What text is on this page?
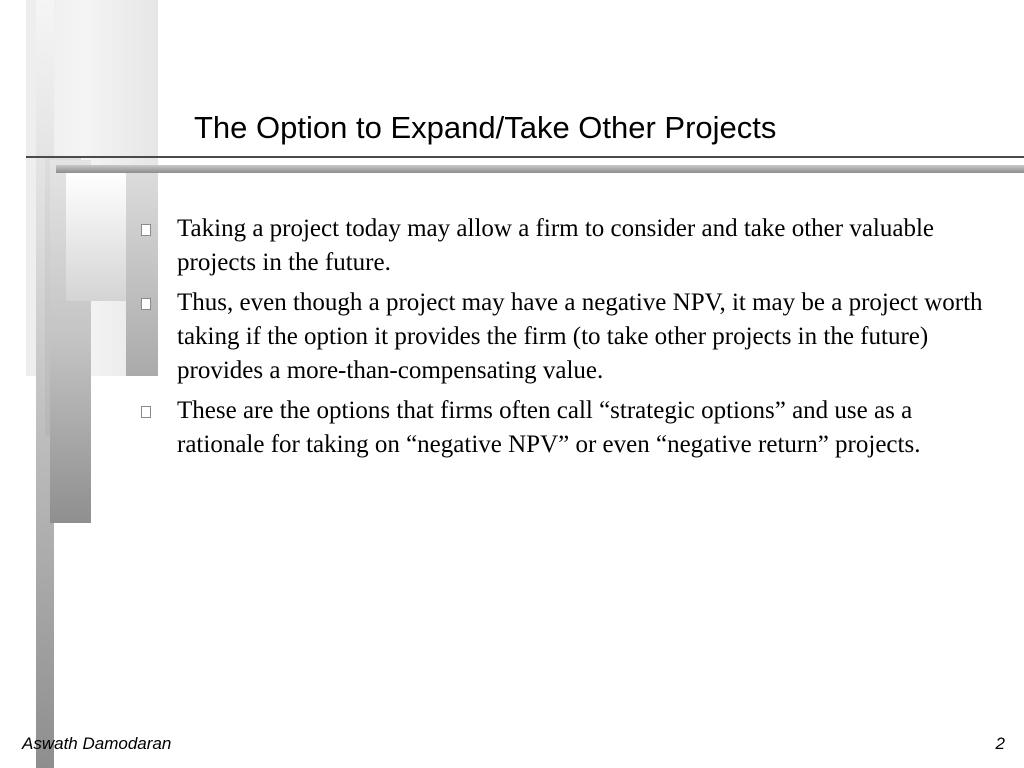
The Option to Expand/Take Other Projects

Taking a project today may allow a firm to consider and take other valuable projects in the future.

Thus, even though a project may have a negative NPV, it may be a project worth taking if the option it provides the firm (to take other projects in the future) provides a more-than-compensating value.

These are the options that firms often call “strategic options” and use as a rationale for taking on “negative NPV” or even “negative return” projects.

Aswath Damodaran	2
